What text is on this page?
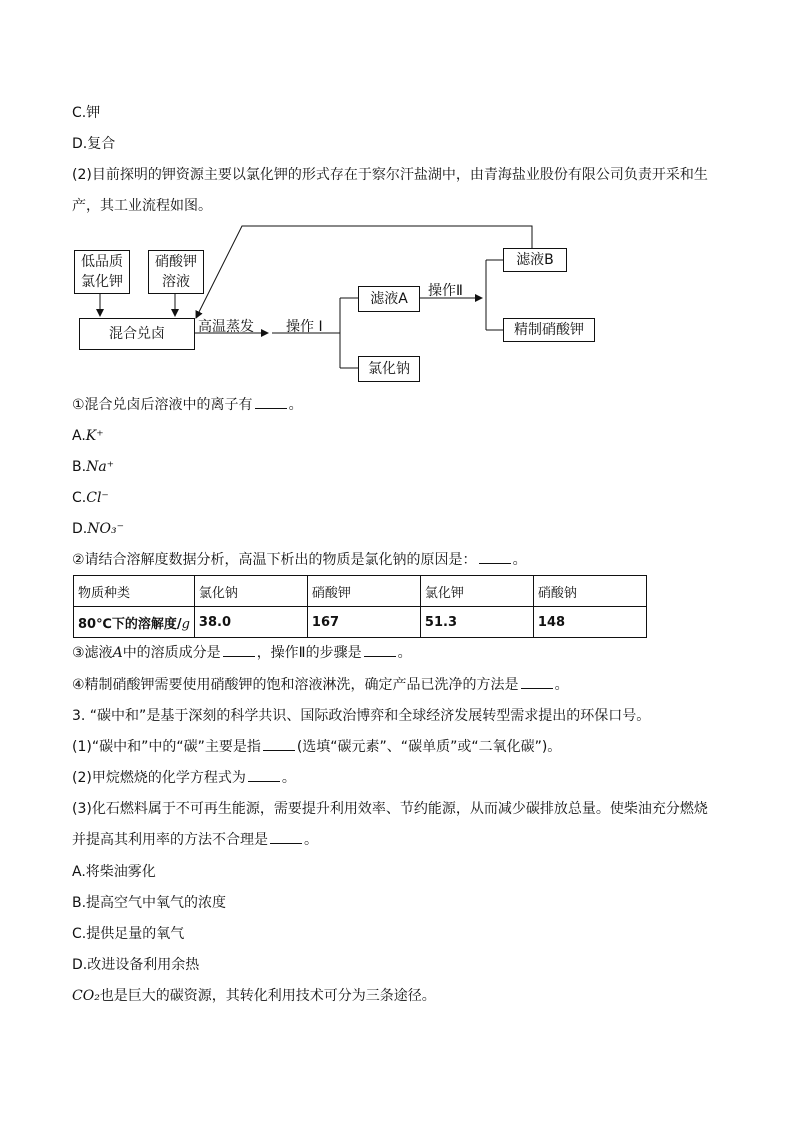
C.钾
D.复合
(2)目前探明的钾资源主要以氯化钾的形式存在于察尔汗盐湖中，由青海盐业股份有限公司负责开采和生
产，其工业流程如图。
低品质
氯化钾
硝酸钾
溶液
混合兑卤	高温蒸发 操作 I
滤液A
氯化钠
操作Ⅱ
滤液B
精制硝酸钾
①混合兑卤后溶液中的离子有	。
A.K⁺
B.Na⁺
C.Cl⁻
D.NO₃⁻
②请结合溶解度数据分析，高温下析出的物质是氯化钠的原因是：	。
物质种类	氯化钠	硝酸钾	氯化钾	硝酸钠
80℃下的溶解度/g	38.0	167	51.3	148
③滤液A中的溶质成分是	，操作Ⅱ的步骤是	。
④精制硝酸钾需要使用硝酸钾的饱和溶液淋洗，确定产品已洗净的方法是	。
3. “碳中和”是基于深刻的科学共识、国际政治博弈和全球经济发展转型需求提出的环保口号。
(1)“碳中和”中的“碳”主要是指	(选填“碳元素”、“碳单质”或“二氧化碳”)。
(2)甲烷燃烧的化学方程式为	。
(3)化石燃料属于不可再生能源，需要提升利用效率、节约能源，从而减少碳排放总量。使柴油充分燃烧
并提高其利用率的方法不合理是	。
A.将柴油雾化
B.提高空气中氧气的浓度
C.提供足量的氧气
D.改进设备利用余热
CO₂也是巨大的碳资源，其转化利用技术可分为三条途径。
